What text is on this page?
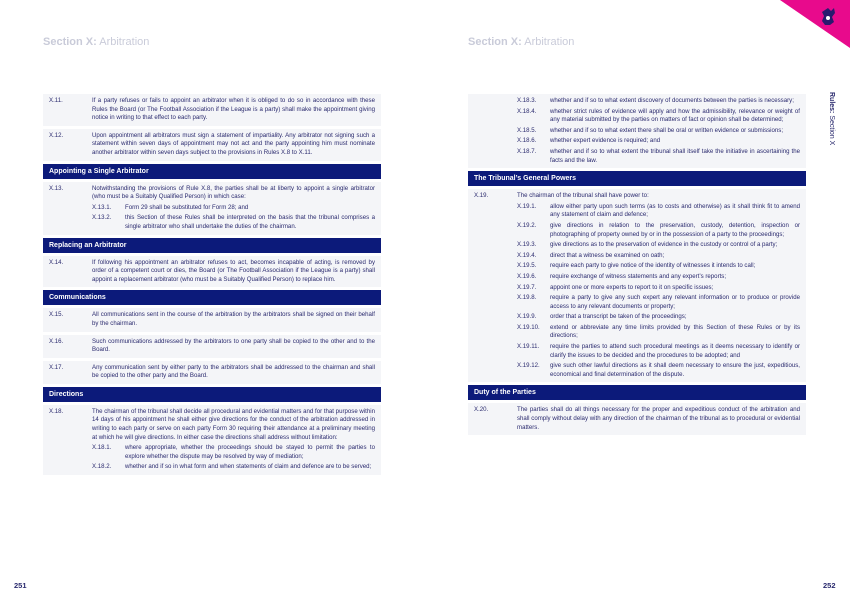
Section X: Arbitration
X.11.	If a party refuses or fails to appoint an arbitrator when it is obliged to do so in accordance with these Rules the Board (or The Football Association if the League is a party) shall make the appointment giving notice in writing to that effect to each party.
X.12.	Upon appointment all arbitrators must sign a statement of impartiality. Any arbitrator not signing such a statement within seven days of appointment may not act and the party appointing him must nominate another arbitrator within seven days subject to the provisions in Rules X.8 to X.11.
Appointing a Single Arbitrator
X.13.	Notwithstanding the provisions of Rule X.8, the parties shall be at liberty to appoint a single arbitrator (who must be a Suitably Qualified Person) in which case:
X.13.1.	Form 29 shall be substituted for Form 28; and
X.13.2.	this Section of these Rules shall be interpreted on the basis that the tribunal comprises a single arbitrator who shall undertake the duties of the chairman.
Replacing an Arbitrator
X.14.	If following his appointment an arbitrator refuses to act, becomes incapable of acting, is removed by order of a competent court or dies, the Board (or The Football Association if the League is a party) shall appoint a replacement arbitrator (who must be a Suitably Qualified Person) to replace him.
Communications
X.15.	All communications sent in the course of the arbitration by the arbitrators shall be signed on their behalf by the chairman.
X.16.	Such communications addressed by the arbitrators to one party shall be copied to the other and to the Board.
X.17.	Any communication sent by either party to the arbitrators shall be addressed to the chairman and shall be copied to the other party and the Board.
Directions
X.18.	The chairman of the tribunal shall decide all procedural and evidential matters and for that purpose within 14 days of his appointment he shall either give directions for the conduct of the arbitration addressed in writing to each party or serve on each party Form 30 requiring their attendance at a preliminary meeting at which he will give directions. In either case the directions shall address without limitation:
X.18.1.	where appropriate, whether the proceedings should be stayed to permit the parties to explore whether the dispute may be resolved by way of mediation;
X.18.2.	whether and if so in what form and when statements of claim and defence are to be served;
251
Section X: Arbitration
X.18.3.	whether and if so to what extent discovery of documents between the parties is necessary;
X.18.4.	whether strict rules of evidence will apply and how the admissibility, relevance or weight of any material submitted by the parties on matters of fact or opinion shall be determined;
X.18.5.	whether and if so to what extent there shall be oral or written evidence or submissions;
X.18.6.	whether expert evidence is required; and
X.18.7.	whether and if so to what extent the tribunal shall itself take the initiative in ascertaining the facts and the law.
The Tribunal’s General Powers
X.19.	The chairman of the tribunal shall have power to:
X.19.1.	allow either party upon such terms (as to costs and otherwise) as it shall think fit to amend any statement of claim and defence;
X.19.2.	give directions in relation to the preservation, custody, detention, inspection or photographing of property owned by or in the possession of a party to the proceedings;
X.19.3.	give directions as to the preservation of evidence in the custody or control of a party;
X.19.4.	direct that a witness be examined on oath;
X.19.5.	require each party to give notice of the identity of witnesses it intends to call;
X.19.6.	require exchange of witness statements and any expert’s reports;
X.19.7.	appoint one or more experts to report to it on specific issues;
X.19.8.	require a party to give any such expert any relevant information or to produce or provide access to any relevant documents or property;
X.19.9.	order that a transcript be taken of the proceedings;
X.19.10.	extend or abbreviate any time limits provided by this Section of these Rules or by its directions;
X.19.11.	require the parties to attend such procedural meetings as it deems necessary to identify or clarify the issues to be decided and the procedures to be adopted; and
X.19.12.	give such other lawful directions as it shall deem necessary to ensure the just, expeditious, economical and final determination of the dispute.
Duty of the Parties
X.20.	The parties shall do all things necessary for the proper and expeditious conduct of the arbitration and shall comply without delay with any direction of the chairman of the tribunal as to procedural or evidential matters.
252
Rules: Section X
